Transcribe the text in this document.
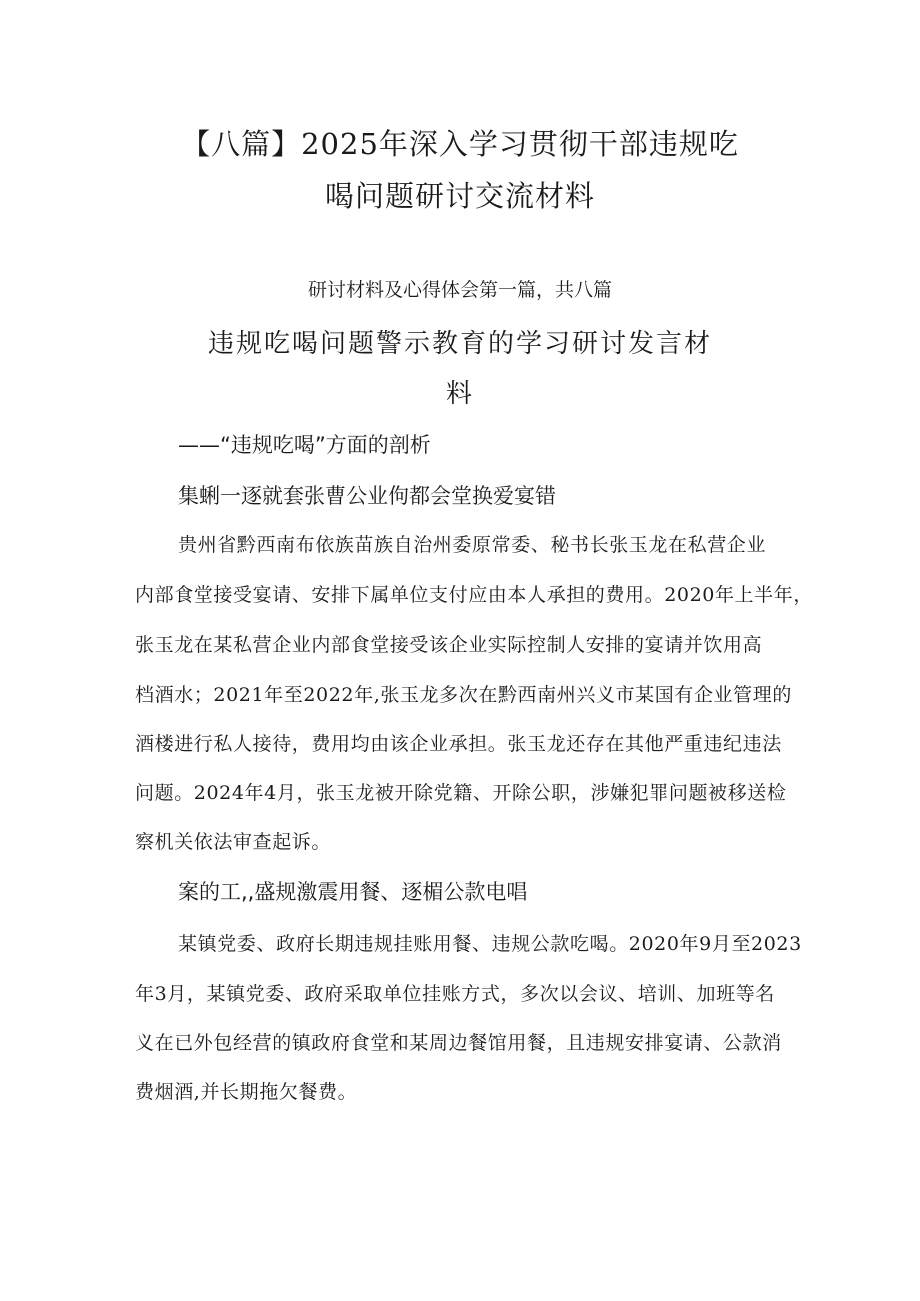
【八篇】2025年深入学习贯彻干部违规吃
喝问题研讨交流材料
研讨材料及心得体会第一篇，共八篇
违规吃喝问题警示教育的学习研讨发言材
料
——“违规吃喝”方面的剖析
集蜊一逐就套张曹公业佝都会堂换爱宴错
贵州省黔西南布依族苗族自治州委原常委、秘书长张玉龙在私营企业
内部食堂接受宴请、安排下属单位支付应由本人承担的费用。2020年上半年，
张玉龙在某私营企业内部食堂接受该企业实际控制人安排的宴请并饮用高
档酒水；2021年至2022年,张玉龙多次在黔西南州兴义市某国有企业管理的
酒楼进行私人接待，费用均由该企业承担。张玉龙还存在其他严重违纪违法
问题。2024年4月，张玉龙被开除党籍、开除公职，涉嫌犯罪问题被移送检
察机关依法审查起诉。
案的工,,盛规激震用餐、逐楣公款电唱
某镇党委、政府长期违规挂账用餐、违规公款吃喝。2020年9月至2023
年3月，某镇党委、政府采取单位挂账方式，多次以会议、培训、加班等名
义在已外包经营的镇政府食堂和某周边餐馆用餐，且违规安排宴请、公款消
费烟酒,并长期拖欠餐费。
